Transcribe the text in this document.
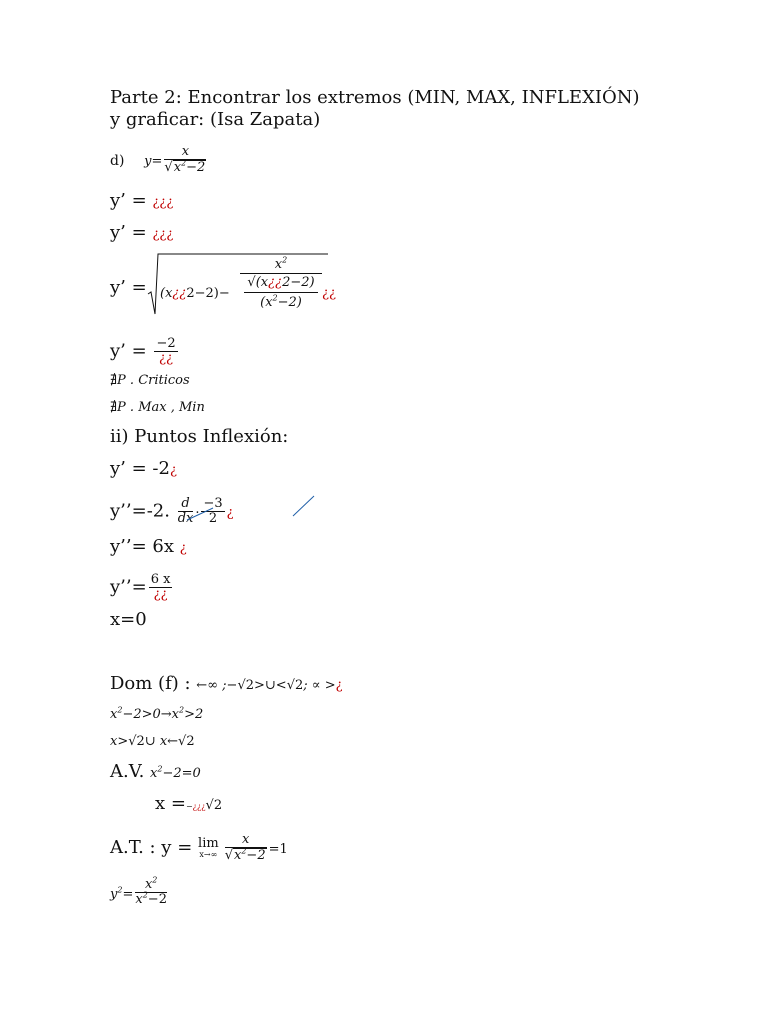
Parte 2: Encontrar los extremos (MIN, MAX, INFLEXIÓN)
y graficar: (Isa Zapata)
d) $y= \frac{x}{√x^2-2}$
y’ = ¿¿¿
y’ = ¿¿¿
y’ = (x¿¿2−2)−
$x^2$
√(x¿¿2−2)
$(x^2-2)$
¿¿
y’ = $\frac{-2}{¿¿}$
∄P . Criticos
∄P . Max , Min
ii) Puntos Inflexión:
y’ = -2¿
y’’=-2. $\frac{d}{dx} \cdot \frac{-3}{2}$ ¿
y’’= 6x ¿
y’’= $\frac{6 x}{¿¿}$
x=0
Dom (f) : ←∞ ;−√2>∪<√2; ∝ >¿
$x^2-2>0\to x^2>2$
x>√2∪ x←√2
A.V. $x^2-2=0$
x =−¿¿¿√2
A.T. : y = lim
$x\to\infty \frac{x}{√x^2-2} =1$
$y^2= \frac{x^2}{x^2-2}$
